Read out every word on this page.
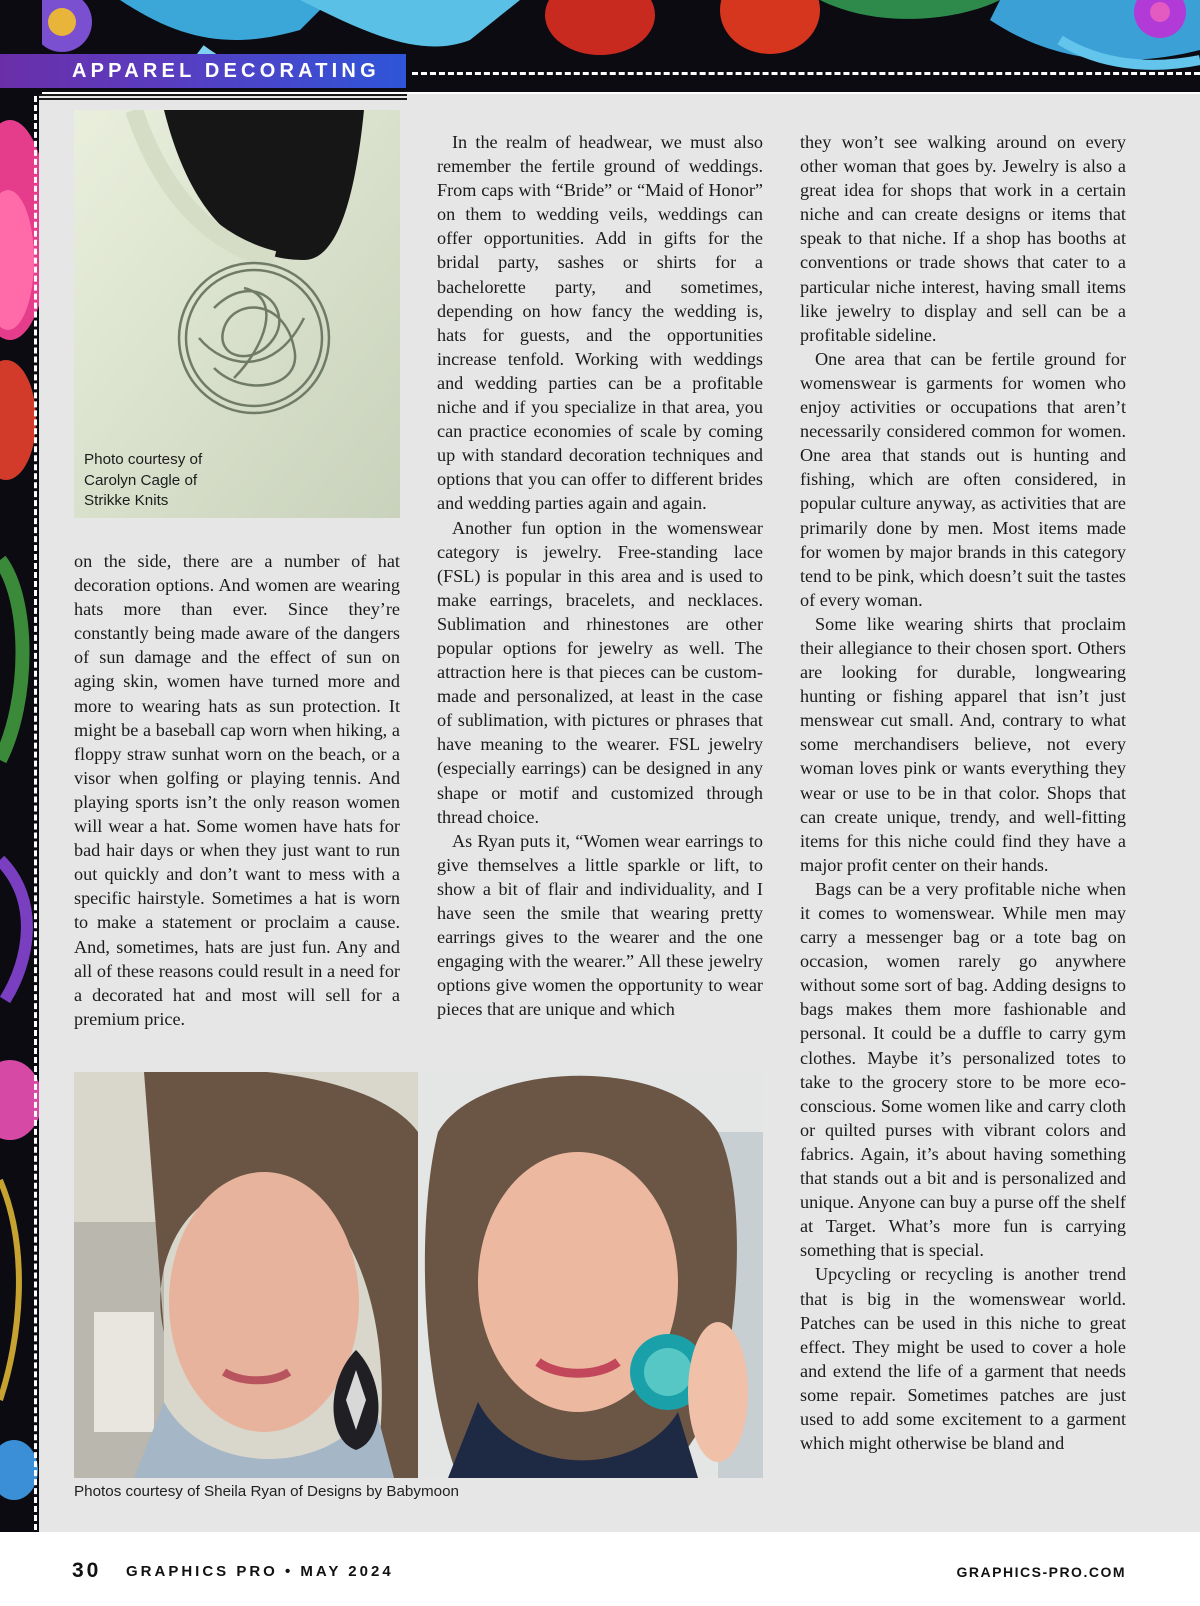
APPAREL DECORATING
Photo courtesy of
Carolyn Cagle of
Strikke Knits

on the side, there are a number of hat decoration options. And women are wearing hats more than ever. Since they’re constantly being made aware of the dangers of sun damage and the effect of sun on aging skin, women have turned more and more to wearing hats as sun protection. It might be a baseball cap worn when hiking, a floppy straw sunhat worn on the beach, or a visor when golfing or playing tennis. And playing sports isn’t the only reason women will wear a hat. Some women have hats for bad hair days or when they just want to run out quickly and don’t want to mess with a specific hairstyle. Sometimes a hat is worn to make a statement or proclaim a cause. And, sometimes, hats are just fun. Any and all of these reasons could result in a need for a decorated hat and most will sell for a premium price.

In the realm of headwear, we must also remember the fertile ground of weddings. From caps with “Bride” or “Maid of Honor” on them to wedding veils, weddings can offer opportunities. Add in gifts for the bridal party, sashes or shirts for a bachelorette party, and sometimes, depending on how fancy the wedding is, hats for guests, and the opportunities increase tenfold. Working with weddings and wedding parties can be a profitable niche and if you specialize in that area, you can practice economies of scale by coming up with standard decoration techniques and options that you can offer to different brides and wedding parties again and again.

Another fun option in the womenswear category is jewelry. Free-standing lace (FSL) is popular in this area and is used to make earrings, bracelets, and necklaces. Sublimation and rhinestones are other popular options for jewelry as well. The attraction here is that pieces can be custom-made and personalized, at least in the case of sublimation, with pictures or phrases that have meaning to the wearer. FSL jewelry (especially earrings) can be designed in any shape or motif and customized through thread choice.

As Ryan puts it, “Women wear earrings to give themselves a little sparkle or lift, to show a bit of flair and individuality, and I have seen the smile that wearing pretty earrings gives to the wearer and the one engaging with the wearer.” All these jewelry options give women the opportunity to wear pieces that are unique and which

they won’t see walking around on every other woman that goes by. Jewelry is also a great idea for shops that work in a certain niche and can create designs or items that speak to that niche. If a shop has booths at conventions or trade shows that cater to a particular niche interest, having small items like jewelry to display and sell can be a profitable sideline.

One area that can be fertile ground for womenswear is garments for women who enjoy activities or occupations that aren’t necessarily considered common for women. One area that stands out is hunting and fishing, which are often considered, in popular culture anyway, as activities that are primarily done by men. Most items made for women by major brands in this category tend to be pink, which doesn’t suit the tastes of every woman.

Some like wearing shirts that proclaim their allegiance to their chosen sport. Others are looking for durable, longwearing hunting or fishing apparel that isn’t just menswear cut small. And, contrary to what some merchandisers believe, not every woman loves pink or wants everything they wear or use to be in that color. Shops that can create unique, trendy, and well-fitting items for this niche could find they have a major profit center on their hands.

Bags can be a very profitable niche when it comes to womenswear. While men may carry a messenger bag or a tote bag on occasion, women rarely go anywhere without some sort of bag. Adding designs to bags makes them more fashionable and personal. It could be a duffle to carry gym clothes. Maybe it’s personalized totes to take to the grocery store to be more eco-conscious. Some women like and carry cloth or quilted purses with vibrant colors and fabrics. Again, it’s about having something that stands out a bit and is personalized and unique. Anyone can buy a purse off the shelf at Target. What’s more fun is carrying something that is special.

Upcycling or recycling is another trend that is big in the womenswear world. Patches can be used in this niche to great effect. They might be used to cover a hole and extend the life of a garment that needs some repair. Sometimes patches are just used to add some excitement to a garment which might otherwise be bland and

Photos courtesy of Sheila Ryan of Designs by Babymoon
30 GRAPHICS PRO • MAY 2024	GRAPHICS-PRO.COM
